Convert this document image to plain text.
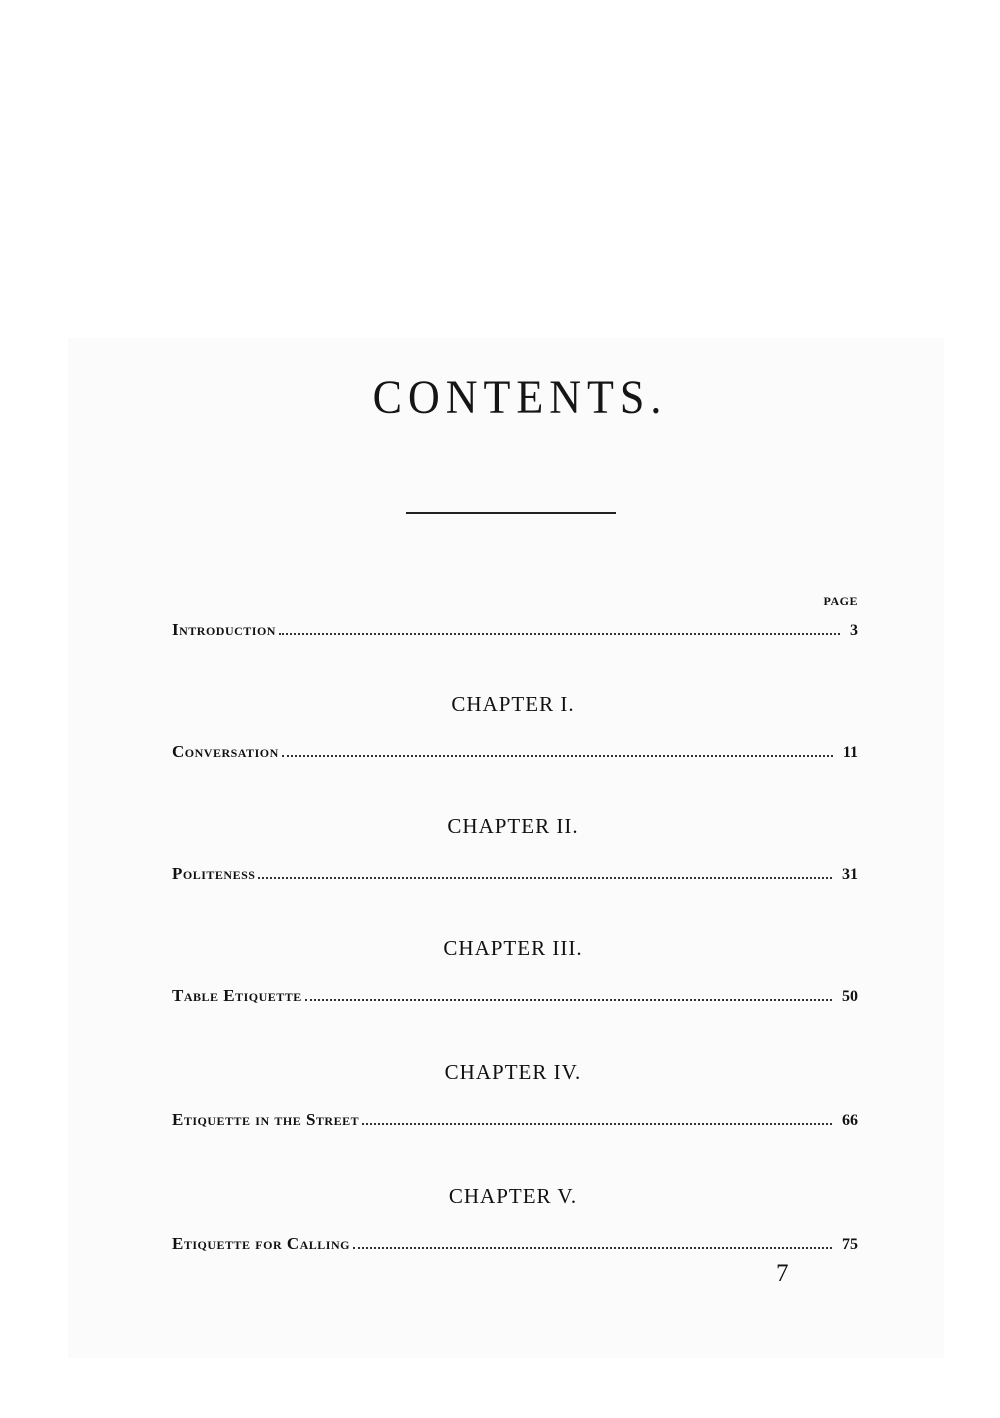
CONTENTS.
PAGE
Introduction	3
CHAPTER I.
Conversation	11
CHAPTER II.
Politeness	31
CHAPTER III.
Table Etiquette	50
CHAPTER IV.
Etiquette in the Street	66
CHAPTER V.
Etiquette for Calling	75
7
